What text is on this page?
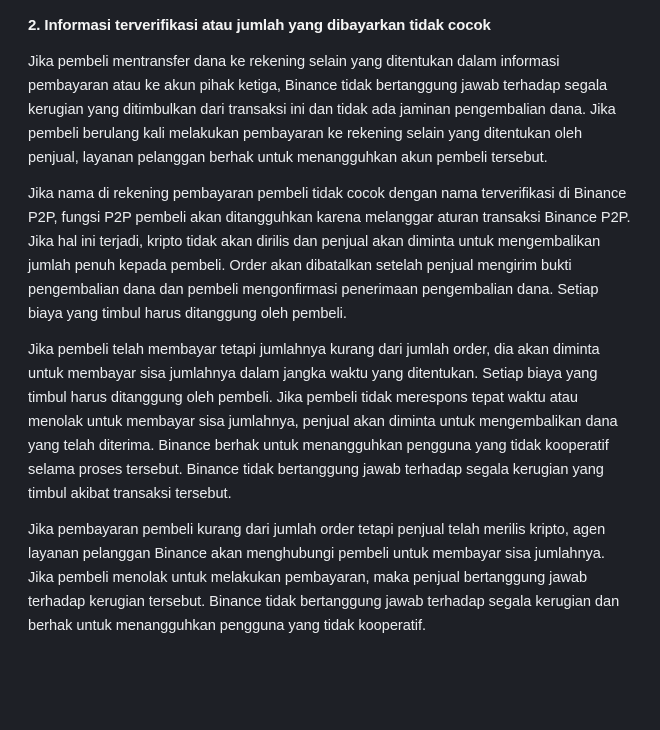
2. Informasi terverifikasi atau jumlah yang dibayarkan tidak cocok

Jika pembeli mentransfer dana ke rekening selain yang ditentukan dalam informasi pembayaran atau ke akun pihak ketiga, Binance tidak bertanggung jawab terhadap segala kerugian yang ditimbulkan dari transaksi ini dan tidak ada jaminan pengembalian dana. Jika pembeli berulang kali melakukan pembayaran ke rekening selain yang ditentukan oleh penjual, layanan pelanggan berhak untuk menangguhkan akun pembeli tersebut.

Jika nama di rekening pembayaran pembeli tidak cocok dengan nama terverifikasi di Binance P2P, fungsi P2P pembeli akan ditangguhkan karena melanggar aturan transaksi Binance P2P. Jika hal ini terjadi, kripto tidak akan dirilis dan penjual akan diminta untuk mengembalikan jumlah penuh kepada pembeli. Order akan dibatalkan setelah penjual mengirim bukti pengembalian dana dan pembeli mengonfirmasi penerimaan pengembalian dana. Setiap biaya yang timbul harus ditanggung oleh pembeli.

Jika pembeli telah membayar tetapi jumlahnya kurang dari jumlah order, dia akan diminta untuk membayar sisa jumlahnya dalam jangka waktu yang ditentukan. Setiap biaya yang timbul harus ditanggung oleh pembeli. Jika pembeli tidak merespons tepat waktu atau menolak untuk membayar sisa jumlahnya, penjual akan diminta untuk mengembalikan dana yang telah diterima. Binance berhak untuk menangguhkan pengguna yang tidak kooperatif selama proses tersebut. Binance tidak bertanggung jawab terhadap segala kerugian yang timbul akibat transaksi tersebut.

Jika pembayaran pembeli kurang dari jumlah order tetapi penjual telah merilis kripto, agen layanan pelanggan Binance akan menghubungi pembeli untuk membayar sisa jumlahnya. Jika pembeli menolak untuk melakukan pembayaran, maka penjual bertanggung jawab terhadap kerugian tersebut. Binance tidak bertanggung jawab terhadap segala kerugian dan berhak untuk menangguhkan pengguna yang tidak kooperatif.
